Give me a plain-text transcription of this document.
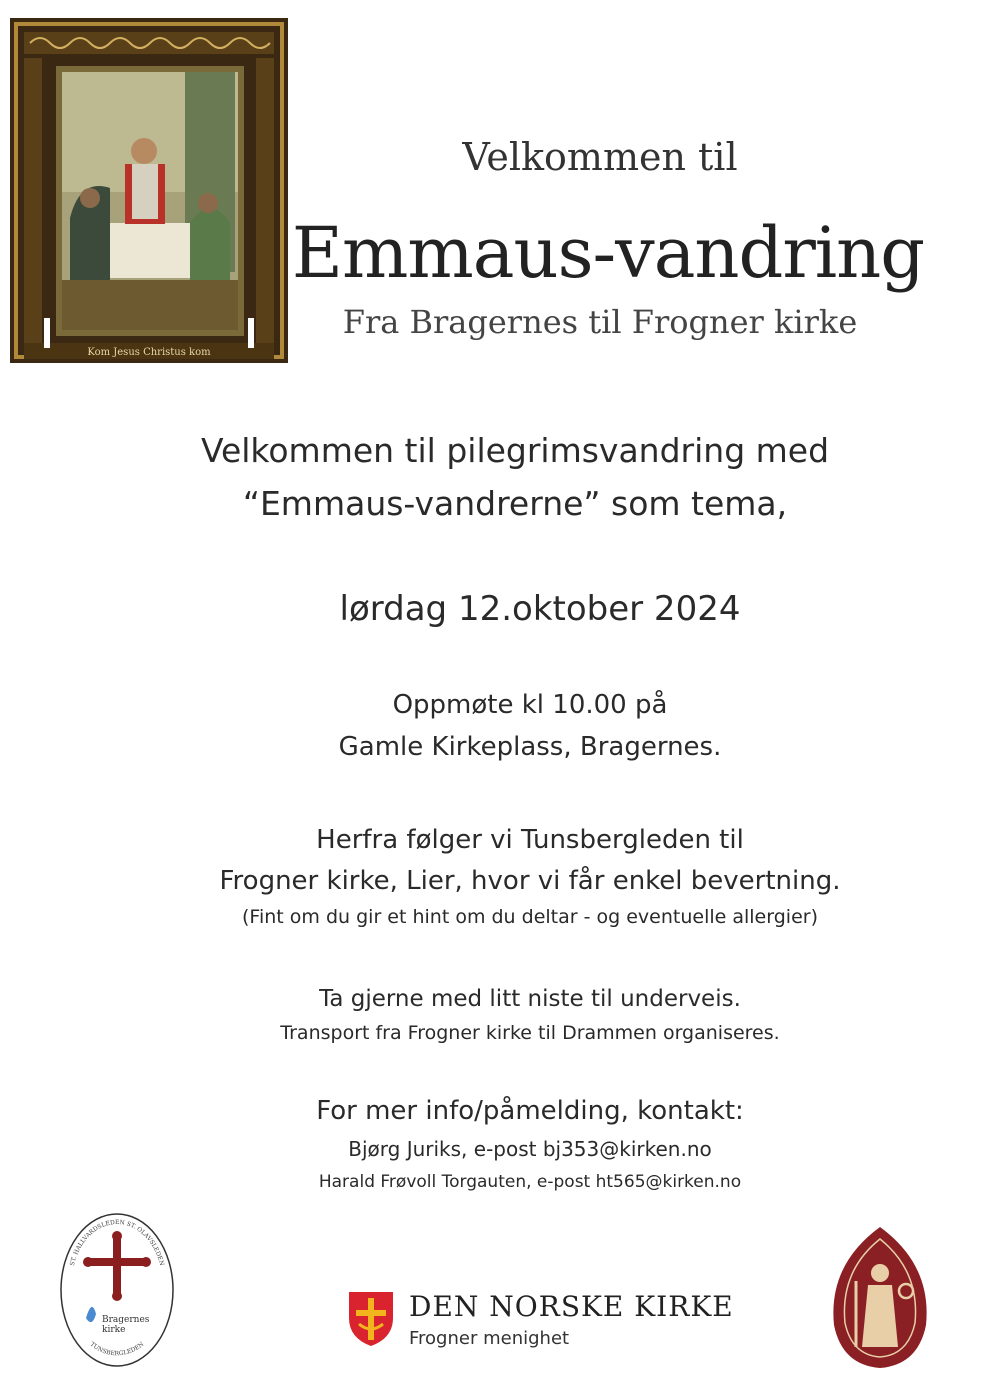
Kom Jesus Christus kom
Velkommen til
Emmaus-vandring
Fra Bragernes til Frogner kirke
Velkommen til pilegrimsvandring med
“Emmaus-vandrerne” som tema,
lørdag 12.oktober 2024
Oppmøte kl 10.00 på
Gamle Kirkeplass, Bragernes.
Herfra følger vi Tunsbergleden til
Frogner kirke, Lier, hvor vi får enkel bevertning.
(Fint om du gir et hint om du deltar - og eventuelle allergier)
Ta gjerne med litt niste til underveis.
Transport fra Frogner kirke til Drammen organiseres.
For mer info/påmelding, kontakt:
Bjørg Juriks, e-post bj353@kirken.no
Harald Frøvoll Torgauten, e-post ht565@kirken.no
ST. HALLVARDSLEDEN ST. OLAVSLEDEN
Bragernes
kirke
TUNSBERGLEDEN
DEN NORSKE KIRKE
Frogner menighet
